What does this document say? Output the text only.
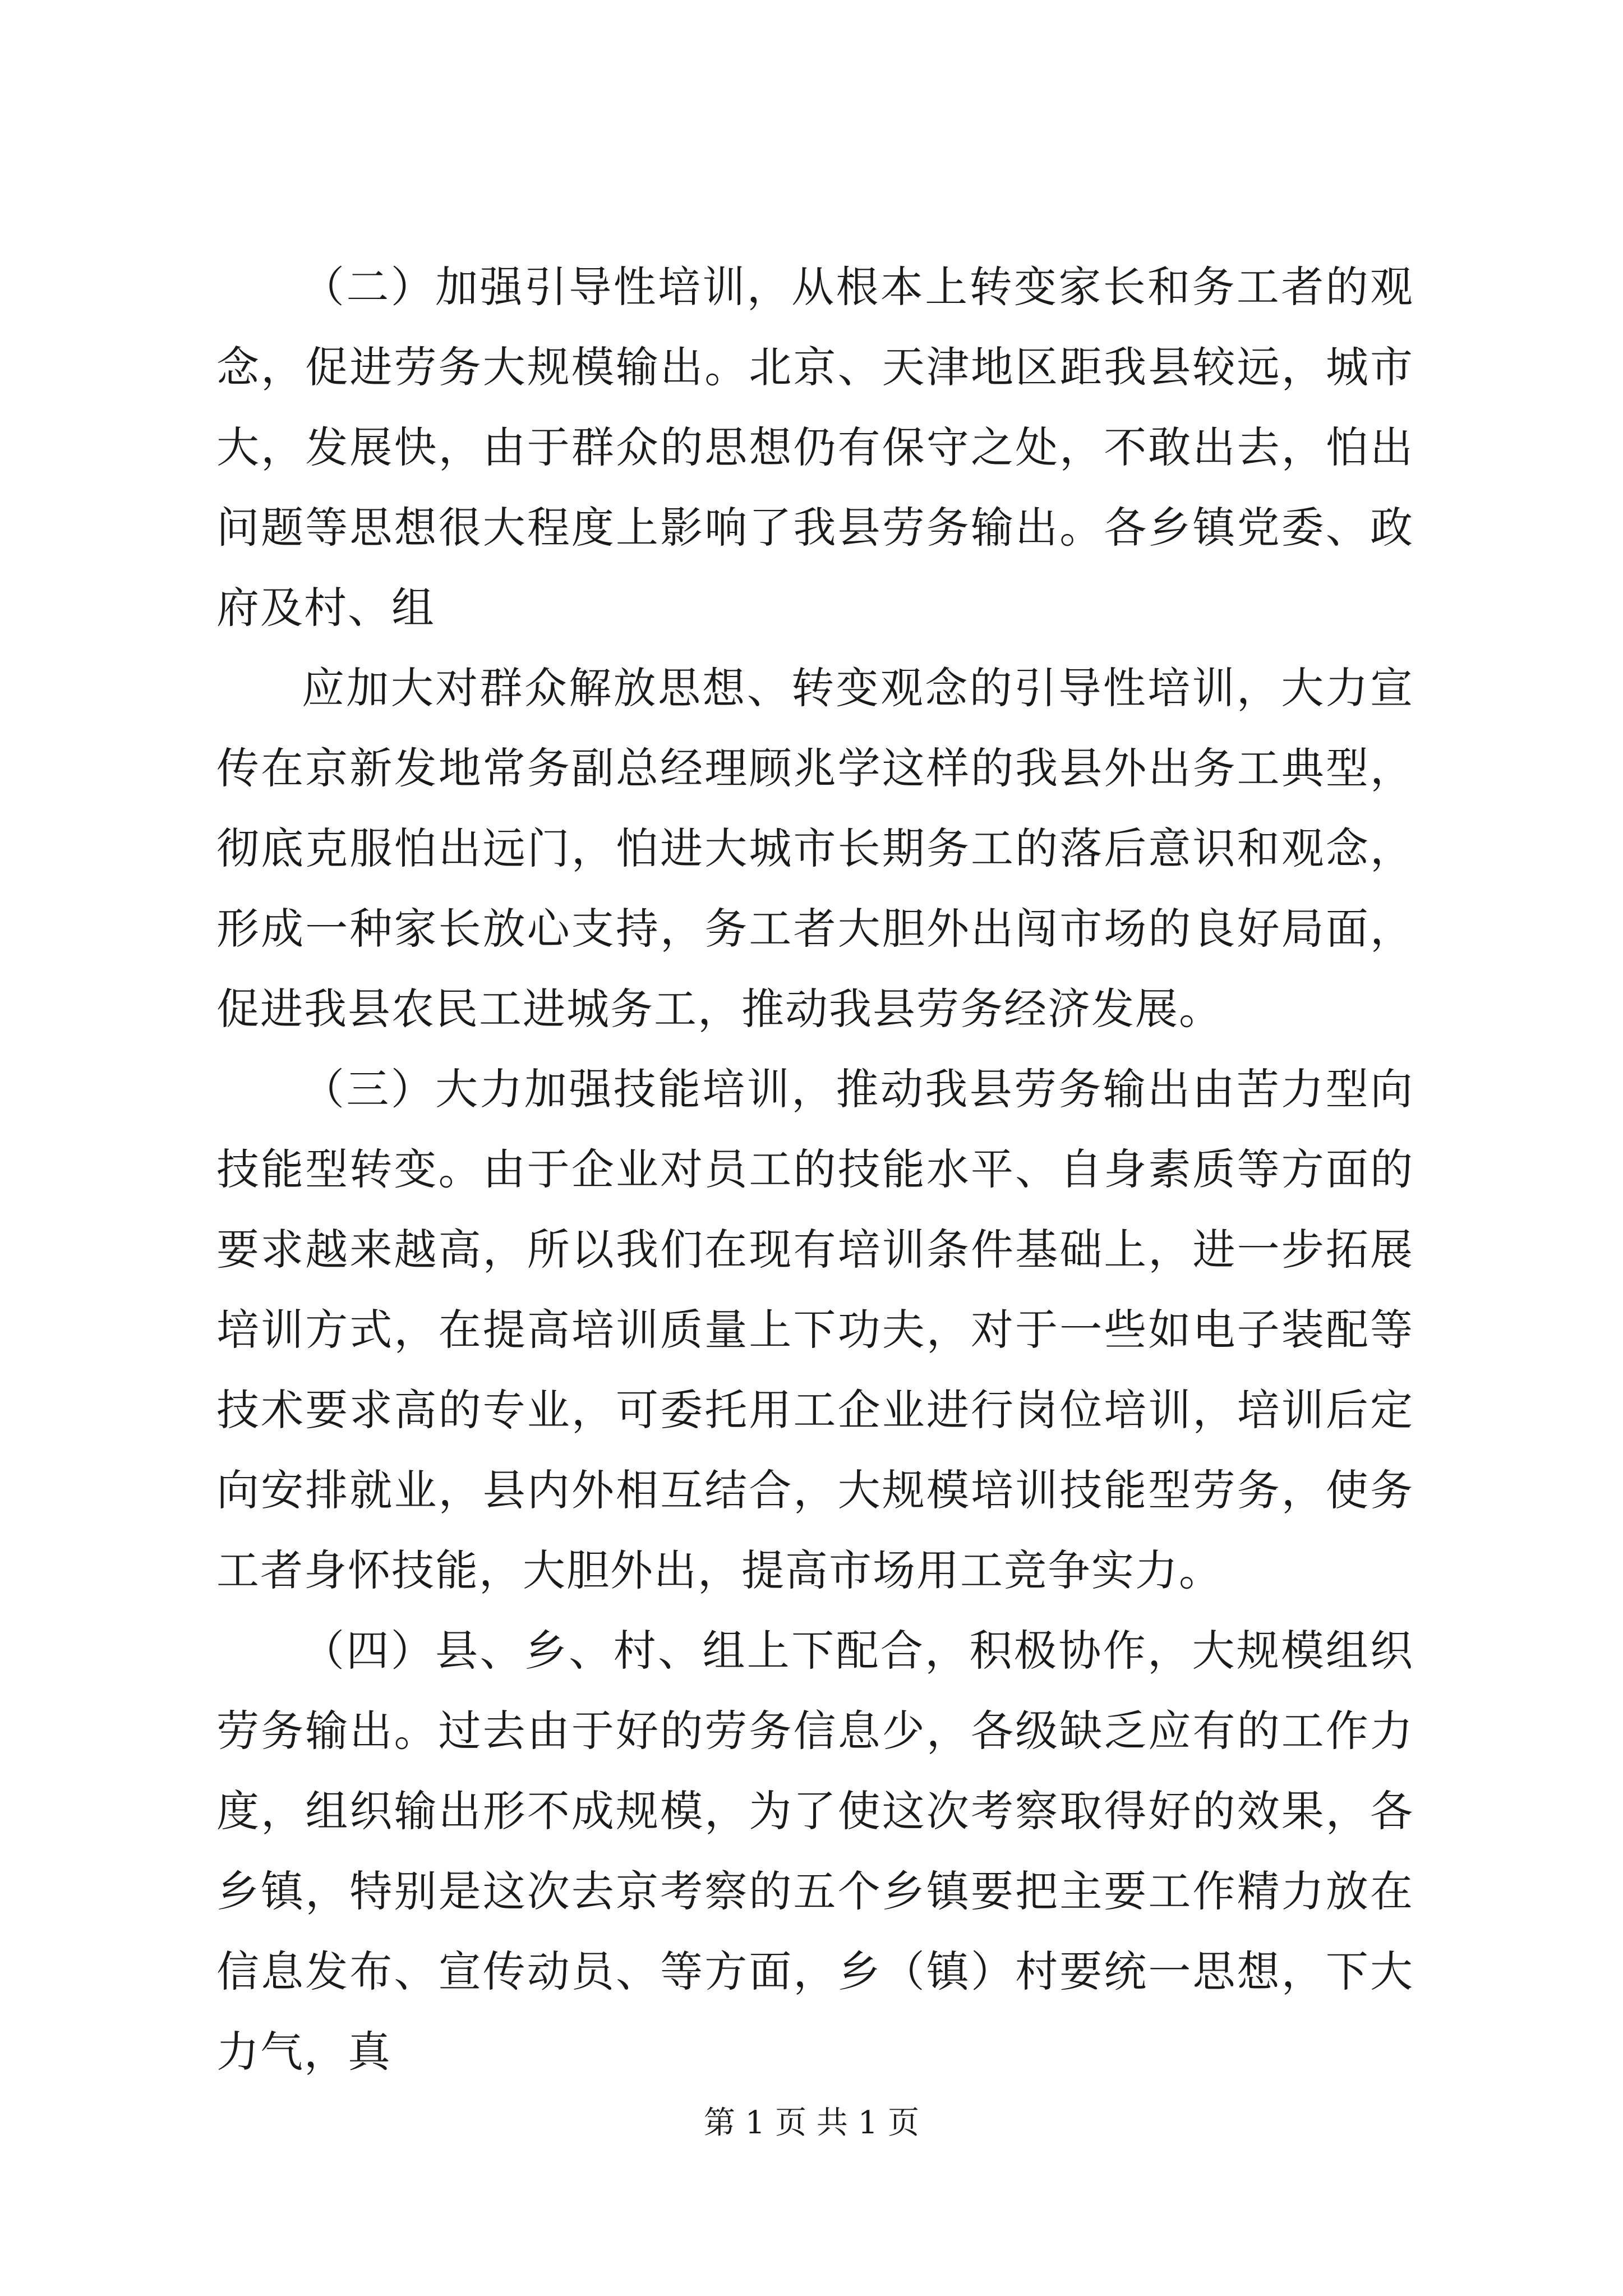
（二）加强引导性培训，从根本上转变家长和务工者的观念，促进劳务大规模输出。北京、天津地区距我县较远，城市大，发展快，由于群众的思想仍有保守之处，不敢出去，怕出问题等思想很大程度上影响了我县劳务输出。各乡镇党委、政府及村、组

应加大对群众解放思想、转变观念的引导性培训，大力宣传在京新发地常务副总经理顾兆学这样的我县外出务工典型，彻底克服怕出远门，怕进大城市长期务工的落后意识和观念，形成一种家长放心支持，务工者大胆外出闯市场的良好局面，促进我县农民工进城务工，推动我县劳务经济发展。

（三）大力加强技能培训，推动我县劳务输出由苦力型向技能型转变。由于企业对员工的技能水平、自身素质等方面的要求越来越高，所以我们在现有培训条件基础上，进一步拓展培训方式，在提高培训质量上下功夫，对于一些如电子装配等技术要求高的专业，可委托用工企业进行岗位培训，培训后定向安排就业，县内外相互结合，大规模培训技能型劳务，使务工者身怀技能，大胆外出，提高市场用工竞争实力。

（四）县、乡、村、组上下配合，积极协作，大规模组织劳务输出。过去由于好的劳务信息少，各级缺乏应有的工作力度，组织输出形不成规模，为了使这次考察取得好的效果，各乡镇，特别是这次去京考察的五个乡镇要把主要工作精力放在信息发布、宣传动员、等方面，乡（镇）村要统一思想，下大力气，真

第 1 页 共 1 页
